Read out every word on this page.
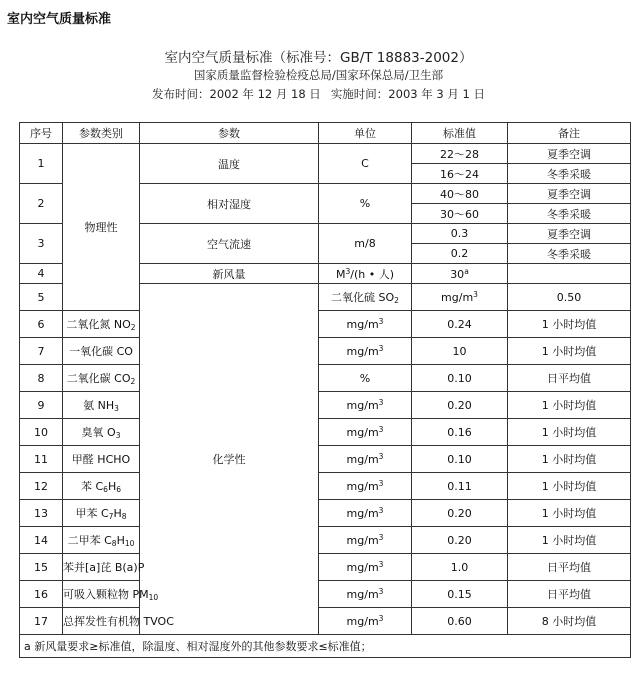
室内空气质量标准
室内空气质量标准（标准号：GB/T 18883-2002）
国家质量监督检验检疫总局/国家环保总局/卫生部
发布时间：2002 年 12 月 18 日 实施时间：2003 年 3 月 1 日
序号	参数类别	参数	单位	标准值	备注	
1	物理性	温度	C	22～28	夏季空调	
				16～24	冬季采暖	
2		相对湿度	%	40～80	夏季空调	
				30～60	冬季采暖	
3		空气流速	m/8	0.3	夏季空调	
				0.2	冬季采暖	
4		新风量	$M^3/(h$ • 人)	30$^a$	
5		化学性	二氧化硫 $SO_2$	$mg/m^3$	0.50	
6	二氧化氮 $NO_2$		$mg/m^3$	0.24	1 小时均值	
7	一氧化碳 CO		$mg/m^3$	10	1 小时均值	
8	二氧化碳 $CO_2$		%	0.10	日平均值	
9	氨 $NH_3$		$mg/m^3$	0.20	1 小时均值	
10	臭氧 $O_3$		$mg/m^3$	0.16	1 小时均值	
11	甲醛 HCHO		$mg/m^3$	0.10	1 小时均值	
12	苯 $C_6H_6$		$mg/m^3$	0.11	1 小时均值	
13	甲苯 $C_7H_8$		$mg/m^3$	0.20	1 小时均值	
14	二甲苯 $C_8H_{10}$		$mg/m^3$	0.20	1 小时均值	
15	苯并[a]芘 B(a)P		$mg/m^3$	1.0	日平均值	
16	可吸入颗粒物 $PM_{10}$		$mg/m^3$	0.15	日平均值	
17	总挥发性有机物 TVOC		$mg/m^3$	0.60	8 小时均值	
a 新风量要求≥标准值，除温度、相对湿度外的其他参数要求≤标准值；						
